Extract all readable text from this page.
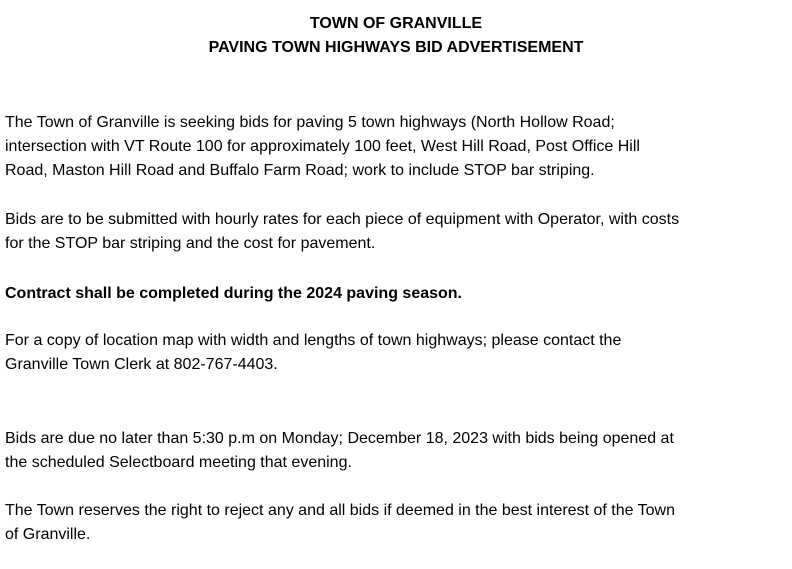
TOWN OF GRANVILLE
PAVING TOWN HIGHWAYS BID ADVERTISEMENT

The Town of Granville is seeking bids for paving 5 town highways (North Hollow Road;
intersection with VT Route 100 for approximately 100 feet, West Hill Road, Post Office Hill
Road, Maston Hill Road and Buffalo Farm Road; work to include STOP bar striping.

Bids are to be submitted with hourly rates for each piece of equipment with Operator, with costs
for the STOP bar striping and the cost for pavement.

Contract shall be completed during the 2024 paving season.

For a copy of location map with width and lengths of town highways; please contact the
Granville Town Clerk at 802-767-4403.

Bids are due no later than 5:30 p.m on Monday; December 18, 2023 with bids being opened at
the scheduled Selectboard meeting that evening.

The Town reserves the right to reject any and all bids if deemed in the best interest of the Town
of Granville.
